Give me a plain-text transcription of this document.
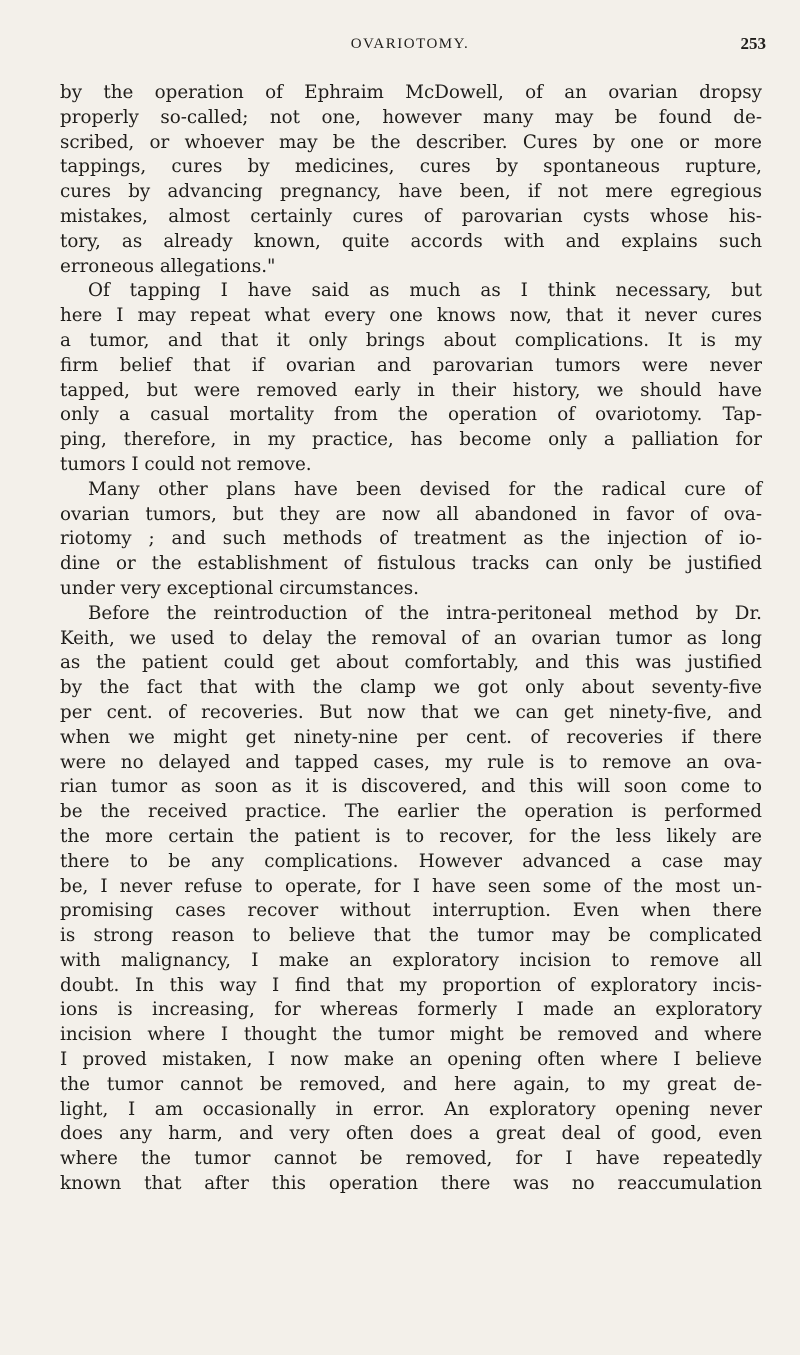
OVARIOTOMY.	253
by the operation of Ephraim McDowell, of an ovarian dropsy
properly so-called; not one, however many may be found de-
scribed, or whoever may be the describer. Cures by one or more
tappings, cures by medicines, cures by spontaneous rupture,
cures by advancing pregnancy, have been, if not mere egregious
mistakes, almost certainly cures of parovarian cysts whose his-
tory, as already known, quite accords with and explains such
erroneous allegations."
Of tapping I have said as much as I think necessary, but
here I may repeat what every one knows now, that it never cures
a tumor, and that it only brings about complications. It is my
firm belief that if ovarian and parovarian tumors were never
tapped, but were removed early in their history, we should have
only a casual mortality from the operation of ovariotomy. Tap-
ping, therefore, in my practice, has become only a palliation for
tumors I could not remove.
Many other plans have been devised for the radical cure of
ovarian tumors, but they are now all abandoned in favor of ova-
riotomy ; and such methods of treatment as the injection of io-
dine or the establishment of fistulous tracks can only be justified
under very exceptional circumstances.
Before the reintroduction of the intra-peritoneal method by Dr.
Keith, we used to delay the removal of an ovarian tumor as long
as the patient could get about comfortably, and this was justified
by the fact that with the clamp we got only about seventy-five
per cent. of recoveries. But now that we can get ninety-five, and
when we might get ninety-nine per cent. of recoveries if there
were no delayed and tapped cases, my rule is to remove an ova-
rian tumor as soon as it is discovered, and this will soon come to
be the received practice. The earlier the operation is performed
the more certain the patient is to recover, for the less likely are
there to be any complications. However advanced a case may
be, I never refuse to operate, for I have seen some of the most un-
promising cases recover without interruption. Even when there
is strong reason to believe that the tumor may be complicated
with malignancy, I make an exploratory incision to remove all
doubt. In this way I find that my proportion of exploratory incis-
ions is increasing, for whereas formerly I made an exploratory
incision where I thought the tumor might be removed and where
I proved mistaken, I now make an opening often where I believe
the tumor cannot be removed, and here again, to my great de-
light, I am occasionally in error. An exploratory opening never
does any harm, and very often does a great deal of good, even
where the tumor cannot be removed, for I have repeatedly
known that after this operation there was no reaccumulation
